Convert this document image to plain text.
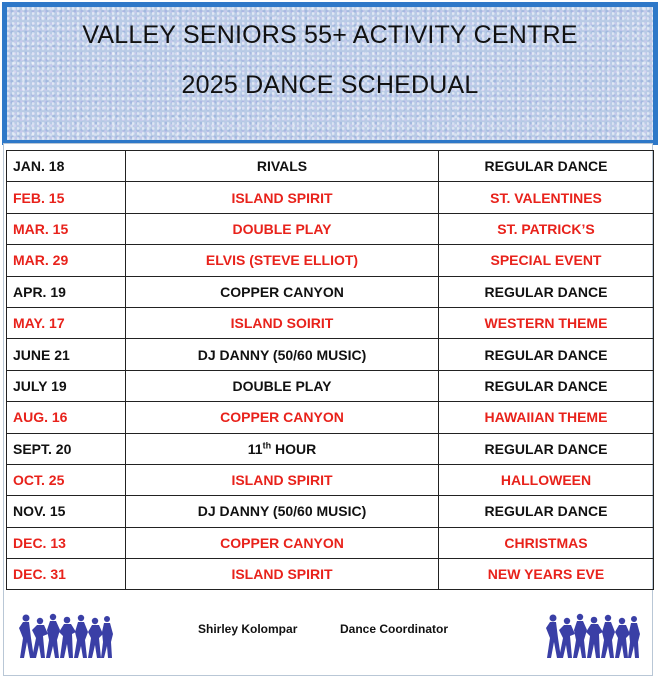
VALLEY SENIORS 55+ ACTIVITY CENTRE
2025 DANCE SCHEDUAL
JAN. 18	RIVALS	REGULAR DANCE
FEB. 15	ISLAND SPIRIT	ST. VALENTINES
MAR. 15	DOUBLE PLAY	ST. PATRICK’S
MAR. 29	ELVIS (STEVE ELLIOT)	SPECIAL EVENT
APR. 19	COPPER CANYON	REGULAR DANCE
MAY. 17	ISLAND SOIRIT	WESTERN THEME
JUNE 21	DJ DANNY (50/60 MUSIC)	REGULAR DANCE
JULY 19	DOUBLE PLAY	REGULAR DANCE
AUG. 16	COPPER CANYON	HAWAIIAN THEME
SEPT. 20	11th HOUR	REGULAR DANCE
OCT. 25	ISLAND SPIRIT	HALLOWEEN
NOV. 15	DJ DANNY (50/60 MUSIC)	REGULAR DANCE
DEC. 13	COPPER CANYON	CHRISTMAS
DEC. 31	ISLAND SPIRIT	NEW YEARS EVE
Shirley Kolompar	Dance Coordinator
